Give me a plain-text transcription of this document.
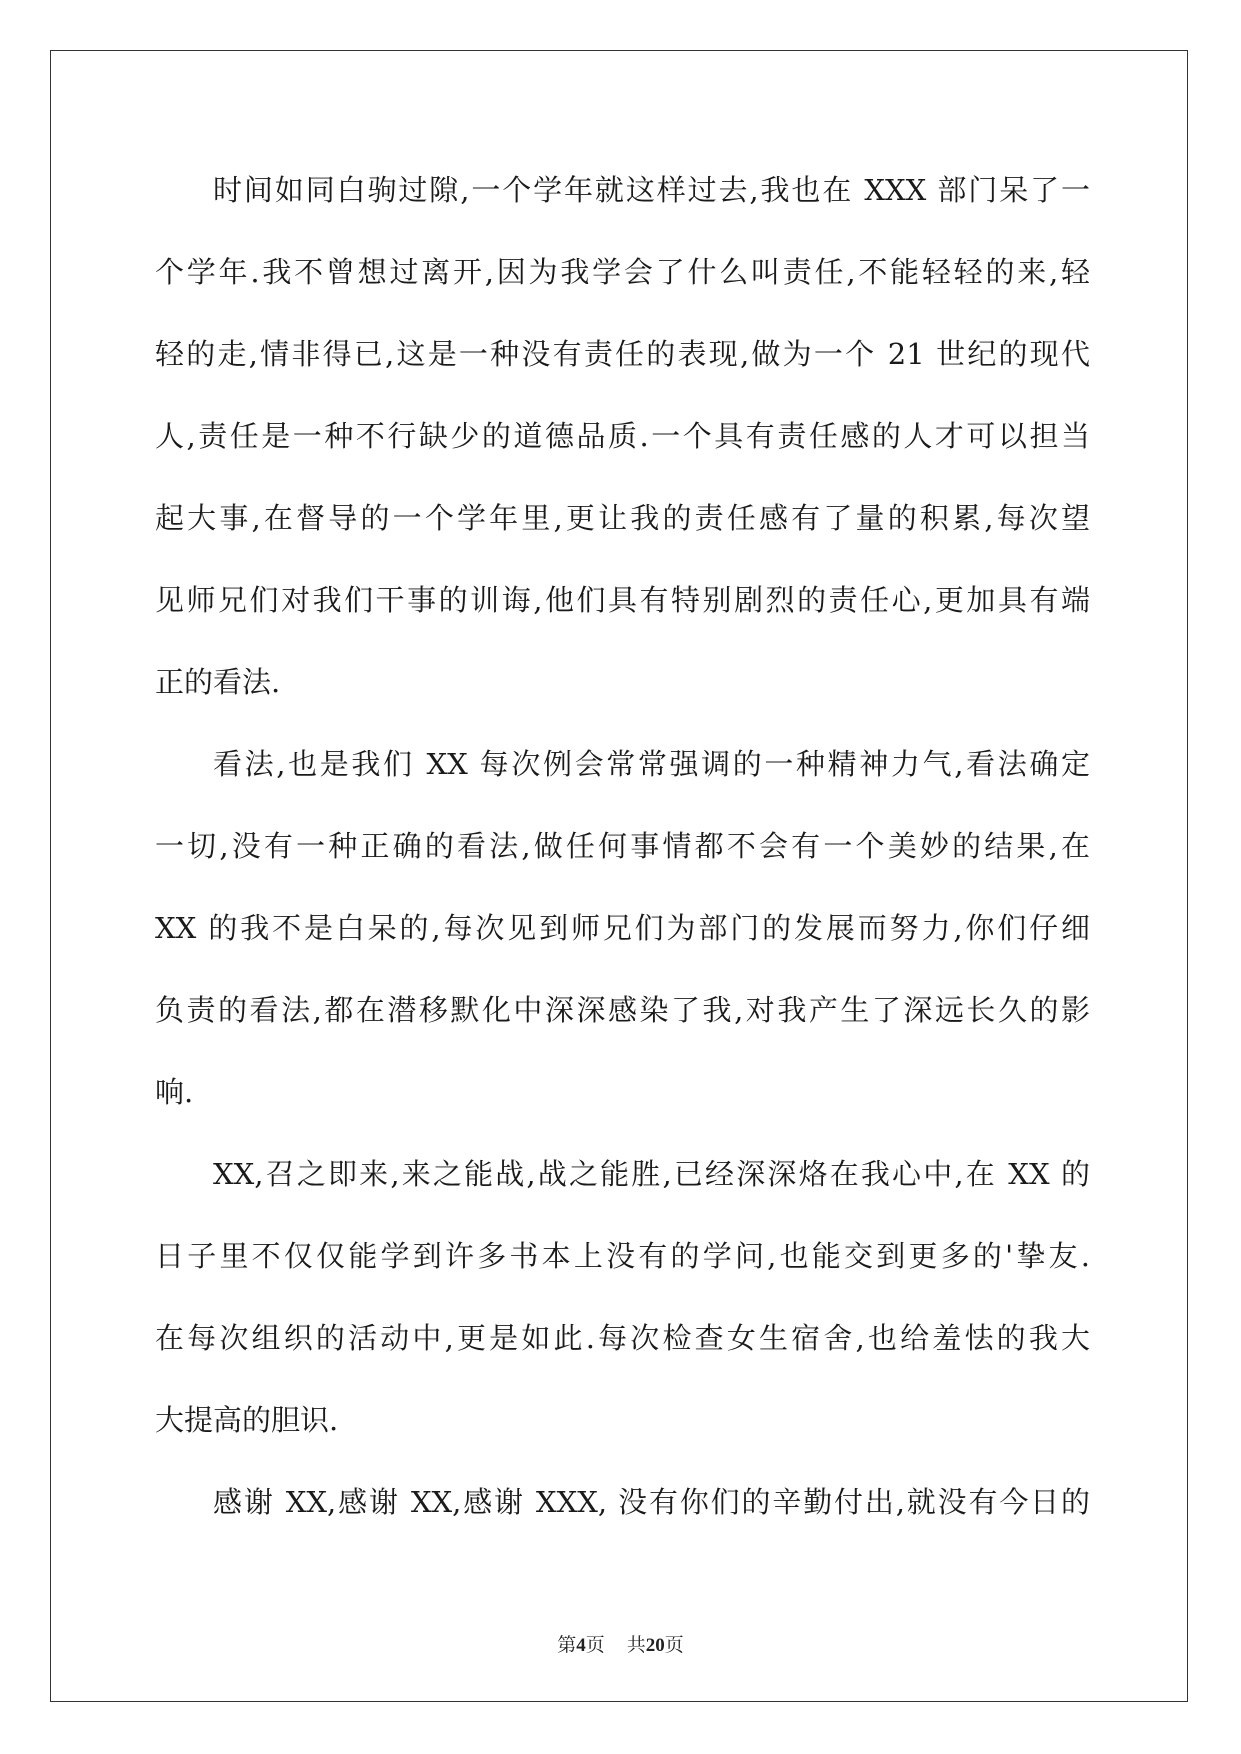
时间如同白驹过隙,一个学年就这样过去,我也在 XXX 部门呆了一
个学年.我不曾想过离开,因为我学会了什么叫责任,不能轻轻的来,轻
轻的走,情非得已,这是一种没有责任的表现,做为一个 21 世纪的现代
人,责任是一种不行缺少的道德品质.一个具有责任感的人才可以担当
起大事,在督导的一个学年里,更让我的责任感有了量的积累,每次望
见师兄们对我们干事的训诲,他们具有特别剧烈的责任心,更加具有端
正的看法.
看法,也是我们 XX 每次例会常常强调的一种精神力气,看法确定
一切,没有一种正确的看法,做任何事情都不会有一个美妙的结果,在
XX 的我不是白呆的,每次见到师兄们为部门的发展而努力,你们仔细
负责的看法,都在潜移默化中深深感染了我,对我产生了深远长久的影
响.
XX,召之即来,来之能战,战之能胜,已经深深烙在我心中,在 XX 的
日子里不仅仅能学到许多书本上没有的学问,也能交到更多的'挚友.
在每次组织的活动中,更是如此.每次检查女生宿舍,也给羞怯的我大
大提高的胆识.
感谢 XX,感谢 XX,感谢 XXX, 没有你们的辛勤付出,就没有今日的
第4页 共20页
